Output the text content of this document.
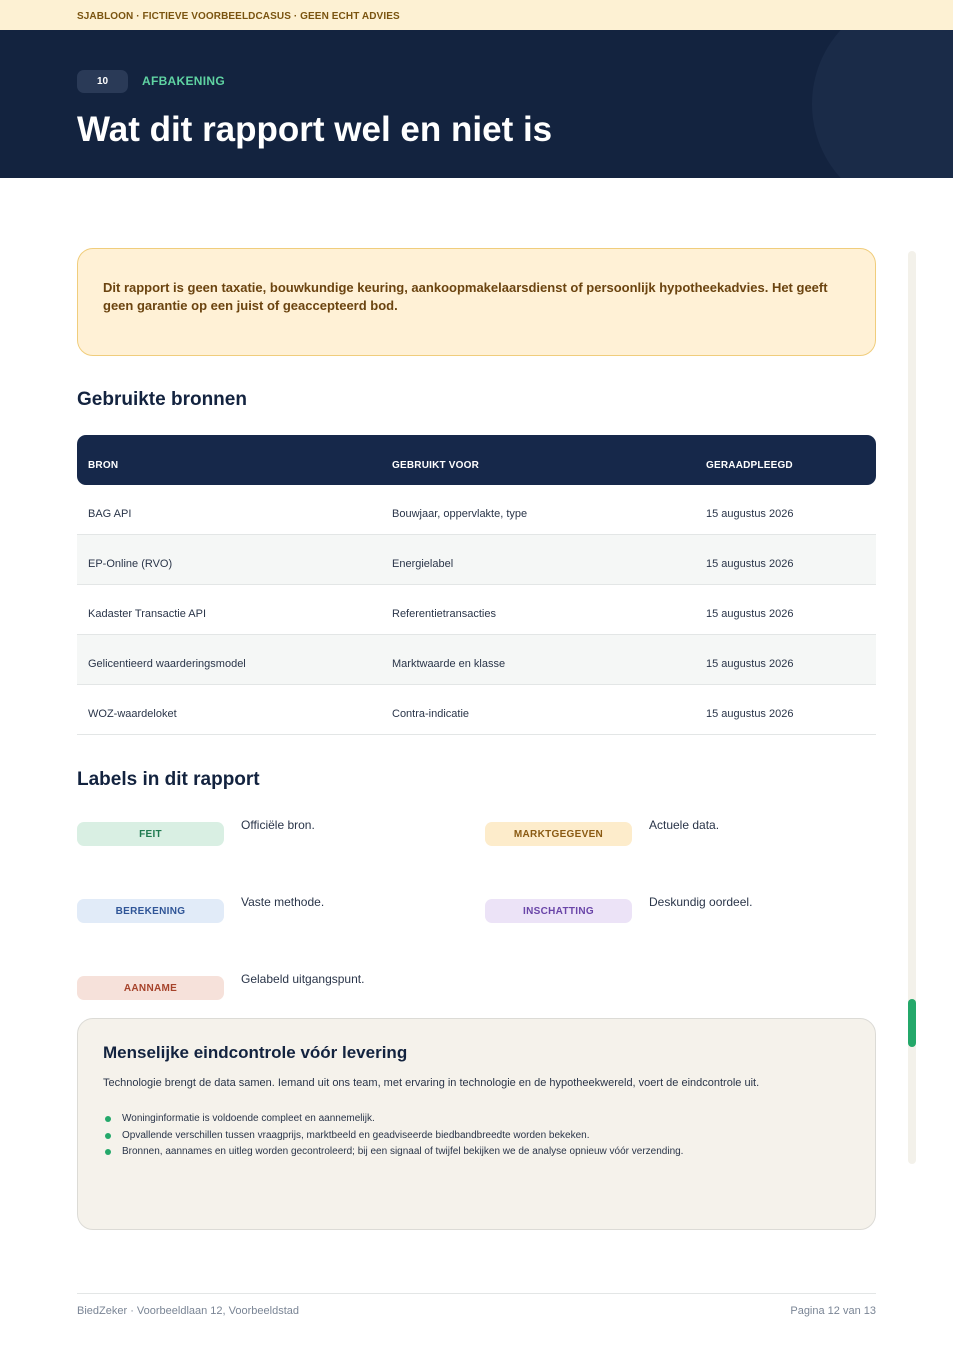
SJABLOON · FICTIEVE VOORBEELDCASUS · GEEN ECHT ADVIES
10	AFBAKENING
Wat dit rapport wel en niet is

Dit rapport is geen taxatie, bouwkundige keuring, aankoopmakelaarsdienst of persoonlijk hypotheekadvies. Het geeft geen garantie op een juist of geaccepteerd bod.

Gebruikte bronnen
BRON	GEBRUIKT VOOR	GERAADPLEEGD
BAG API	Bouwjaar, oppervlakte, type	15 augustus 2026
EP-Online (RVO)	Energielabel	15 augustus 2026
Kadaster Transactie API	Referentietransacties	15 augustus 2026
Gelicentieerd waarderingsmodel	Marktwaarde en klasse	15 augustus 2026
WOZ-waardeloket	Contra-indicatie	15 augustus 2026
Labels in dit rapport
FEIT
Officiële bron.
MARKTGEGEVEN
Actuele data.
BEREKENING
Vaste methode.
INSCHATTING
Deskundig oordeel.
AANNAME
Gelabeld uitgangspunt.
Menselijke eindcontrole vóór levering

Technologie brengt de data samen. Iemand uit ons team, met ervaring in technologie en de hypotheekwereld, voert de eindcontrole uit.

Woninginformatie is voldoende compleet en aannemelijk.
Opvallende verschillen tussen vraagprijs, marktbeeld en geadviseerde biedbandbreedte worden bekeken.
Bronnen, aannames en uitleg worden gecontroleerd; bij een signaal of twijfel bekijken we de analyse opnieuw vóór verzending.
BiedZeker · Voorbeeldlaan 12, Voorbeeldstad	Pagina 12 van 13
